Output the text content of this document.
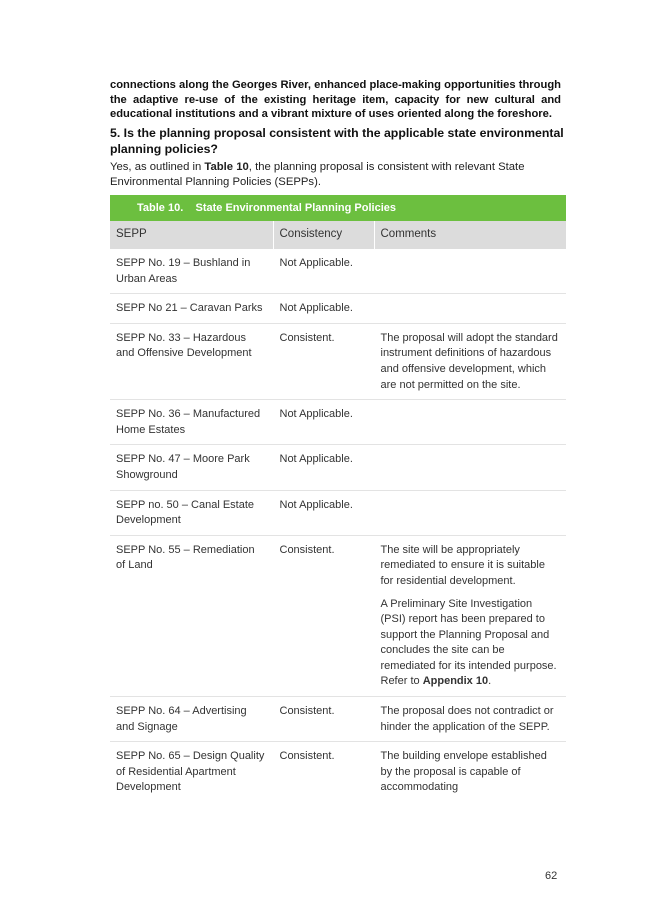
connections along the Georges River, enhanced place-making opportunities through the adaptive re-use of the existing heritage item, capacity for new cultural and educational institutions and a vibrant mixture of uses oriented along the foreshore.

5. Is the planning proposal consistent with the applicable state environmental planning policies?

Yes, as outlined in Table 10, the planning proposal is consistent with relevant State Environmental Planning Policies (SEPPs).

Table 10. State Environmental Planning Policies
SEPP	Consistency	Comments
SEPP No. 19 – Bushland in Urban Areas	Not Applicable.	
SEPP No 21 – Caravan Parks	Not Applicable.	
SEPP No. 33 – Hazardous and Offensive Development	Consistent.	The proposal will adopt the standard instrument definitions of hazardous and offensive development, which are not permitted on the site.

SEPP No. 36 – Manufactured Home Estates	Not Applicable.	
SEPP No. 47 – Moore Park Showground	Not Applicable.	
SEPP no. 50 – Canal Estate Development	Not Applicable.	
SEPP No. 55 – Remediation of Land	Consistent.	The site will be appropriately remediated to ensure it is suitable for residential development.

A Preliminary Site Investigation (PSI) report has been prepared to support the Planning Proposal and concludes the site can be remediated for its intended purpose. Refer to Appendix 10.

SEPP No. 64 – Advertising and Signage	Consistent.	The proposal does not contradict or hinder the application of the SEPP.

SEPP No. 65 – Design Quality of Residential Apartment Development	Consistent.	The building envelope established by the proposal is capable of accommodating

62
